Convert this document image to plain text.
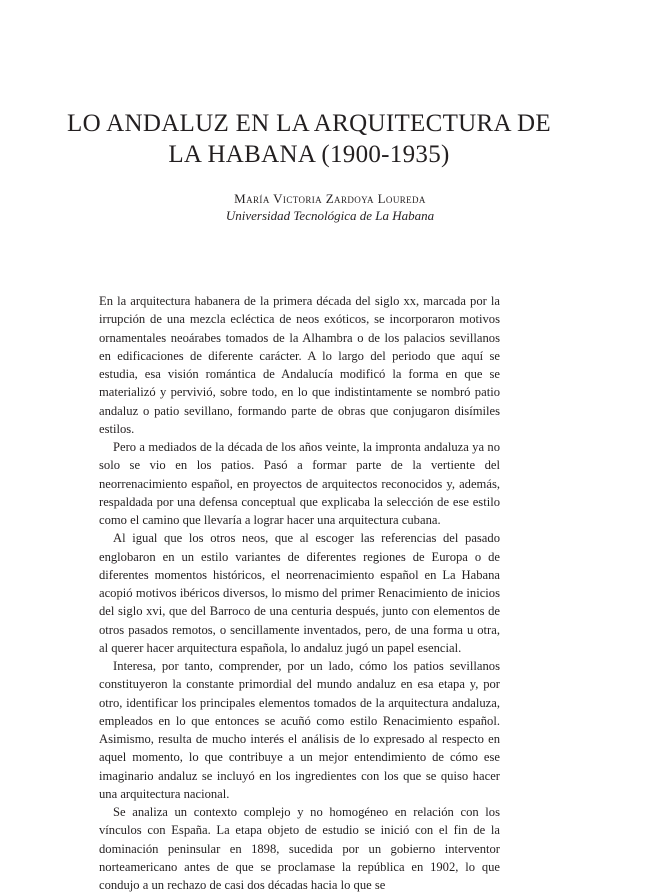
LO ANDALUZ EN LA ARQUITECTURA DE
LA HABANA (1900-1935)
María Victoria Zardoya Loureda
Universidad Tecnológica de La Habana

En la arquitectura habanera de la primera década del siglo xx, marcada por la irrupción de una mezcla ecléctica de neos exóticos, se incorporaron motivos ornamentales neoárabes tomados de la Alhambra o de los palacios sevillanos en edificaciones de diferente carácter. A lo largo del periodo que aquí se estudia, esa visión romántica de Andalucía modificó la forma en que se materializó y pervivió, sobre todo, en lo que indistintamente se nombró patio andaluz o patio sevillano, formando parte de obras que conjugaron disímiles estilos.

Pero a mediados de la década de los años veinte, la impronta andaluza ya no solo se vio en los patios. Pasó a formar parte de la vertiente del neorrenacimiento español, en proyectos de arquitectos reconocidos y, además, respaldada por una defensa conceptual que explicaba la selección de ese estilo como el camino que llevaría a lograr hacer una arquitectura cubana.

Al igual que los otros neos, que al escoger las referencias del pasado englobaron en un estilo variantes de diferentes regiones de Europa o de diferentes momentos históricos, el neorrenacimiento español en La Habana acopió motivos ibéricos diversos, lo mismo del primer Renacimiento de inicios del siglo xvi, que del Barroco de una centuria después, junto con elementos de otros pasados remotos, o sencillamente inventados, pero, de una forma u otra, al querer hacer arquitectura española, lo andaluz jugó un papel esencial.

Interesa, por tanto, comprender, por un lado, cómo los patios sevillanos constituyeron la constante primordial del mundo andaluz en esa etapa y, por otro, identificar los principales elementos tomados de la arquitectura andaluza, empleados en lo que entonces se acuñó como estilo Renacimiento español. Asimismo, resulta de mucho interés el análisis de lo expresado al respecto en aquel momento, lo que contribuye a un mejor entendimiento de cómo ese imaginario andaluz se incluyó en los ingredientes con los que se quiso hacer una arquitectura nacional.

Se analiza un contexto complejo y no homogéneo en relación con los vínculos con España. La etapa objeto de estudio se inició con el fin de la dominación peninsular en 1898, sucedida por un gobierno interventor norteamericano antes de que se proclamase la república en 1902, lo que condujo a un rechazo de casi dos décadas hacia lo que se
